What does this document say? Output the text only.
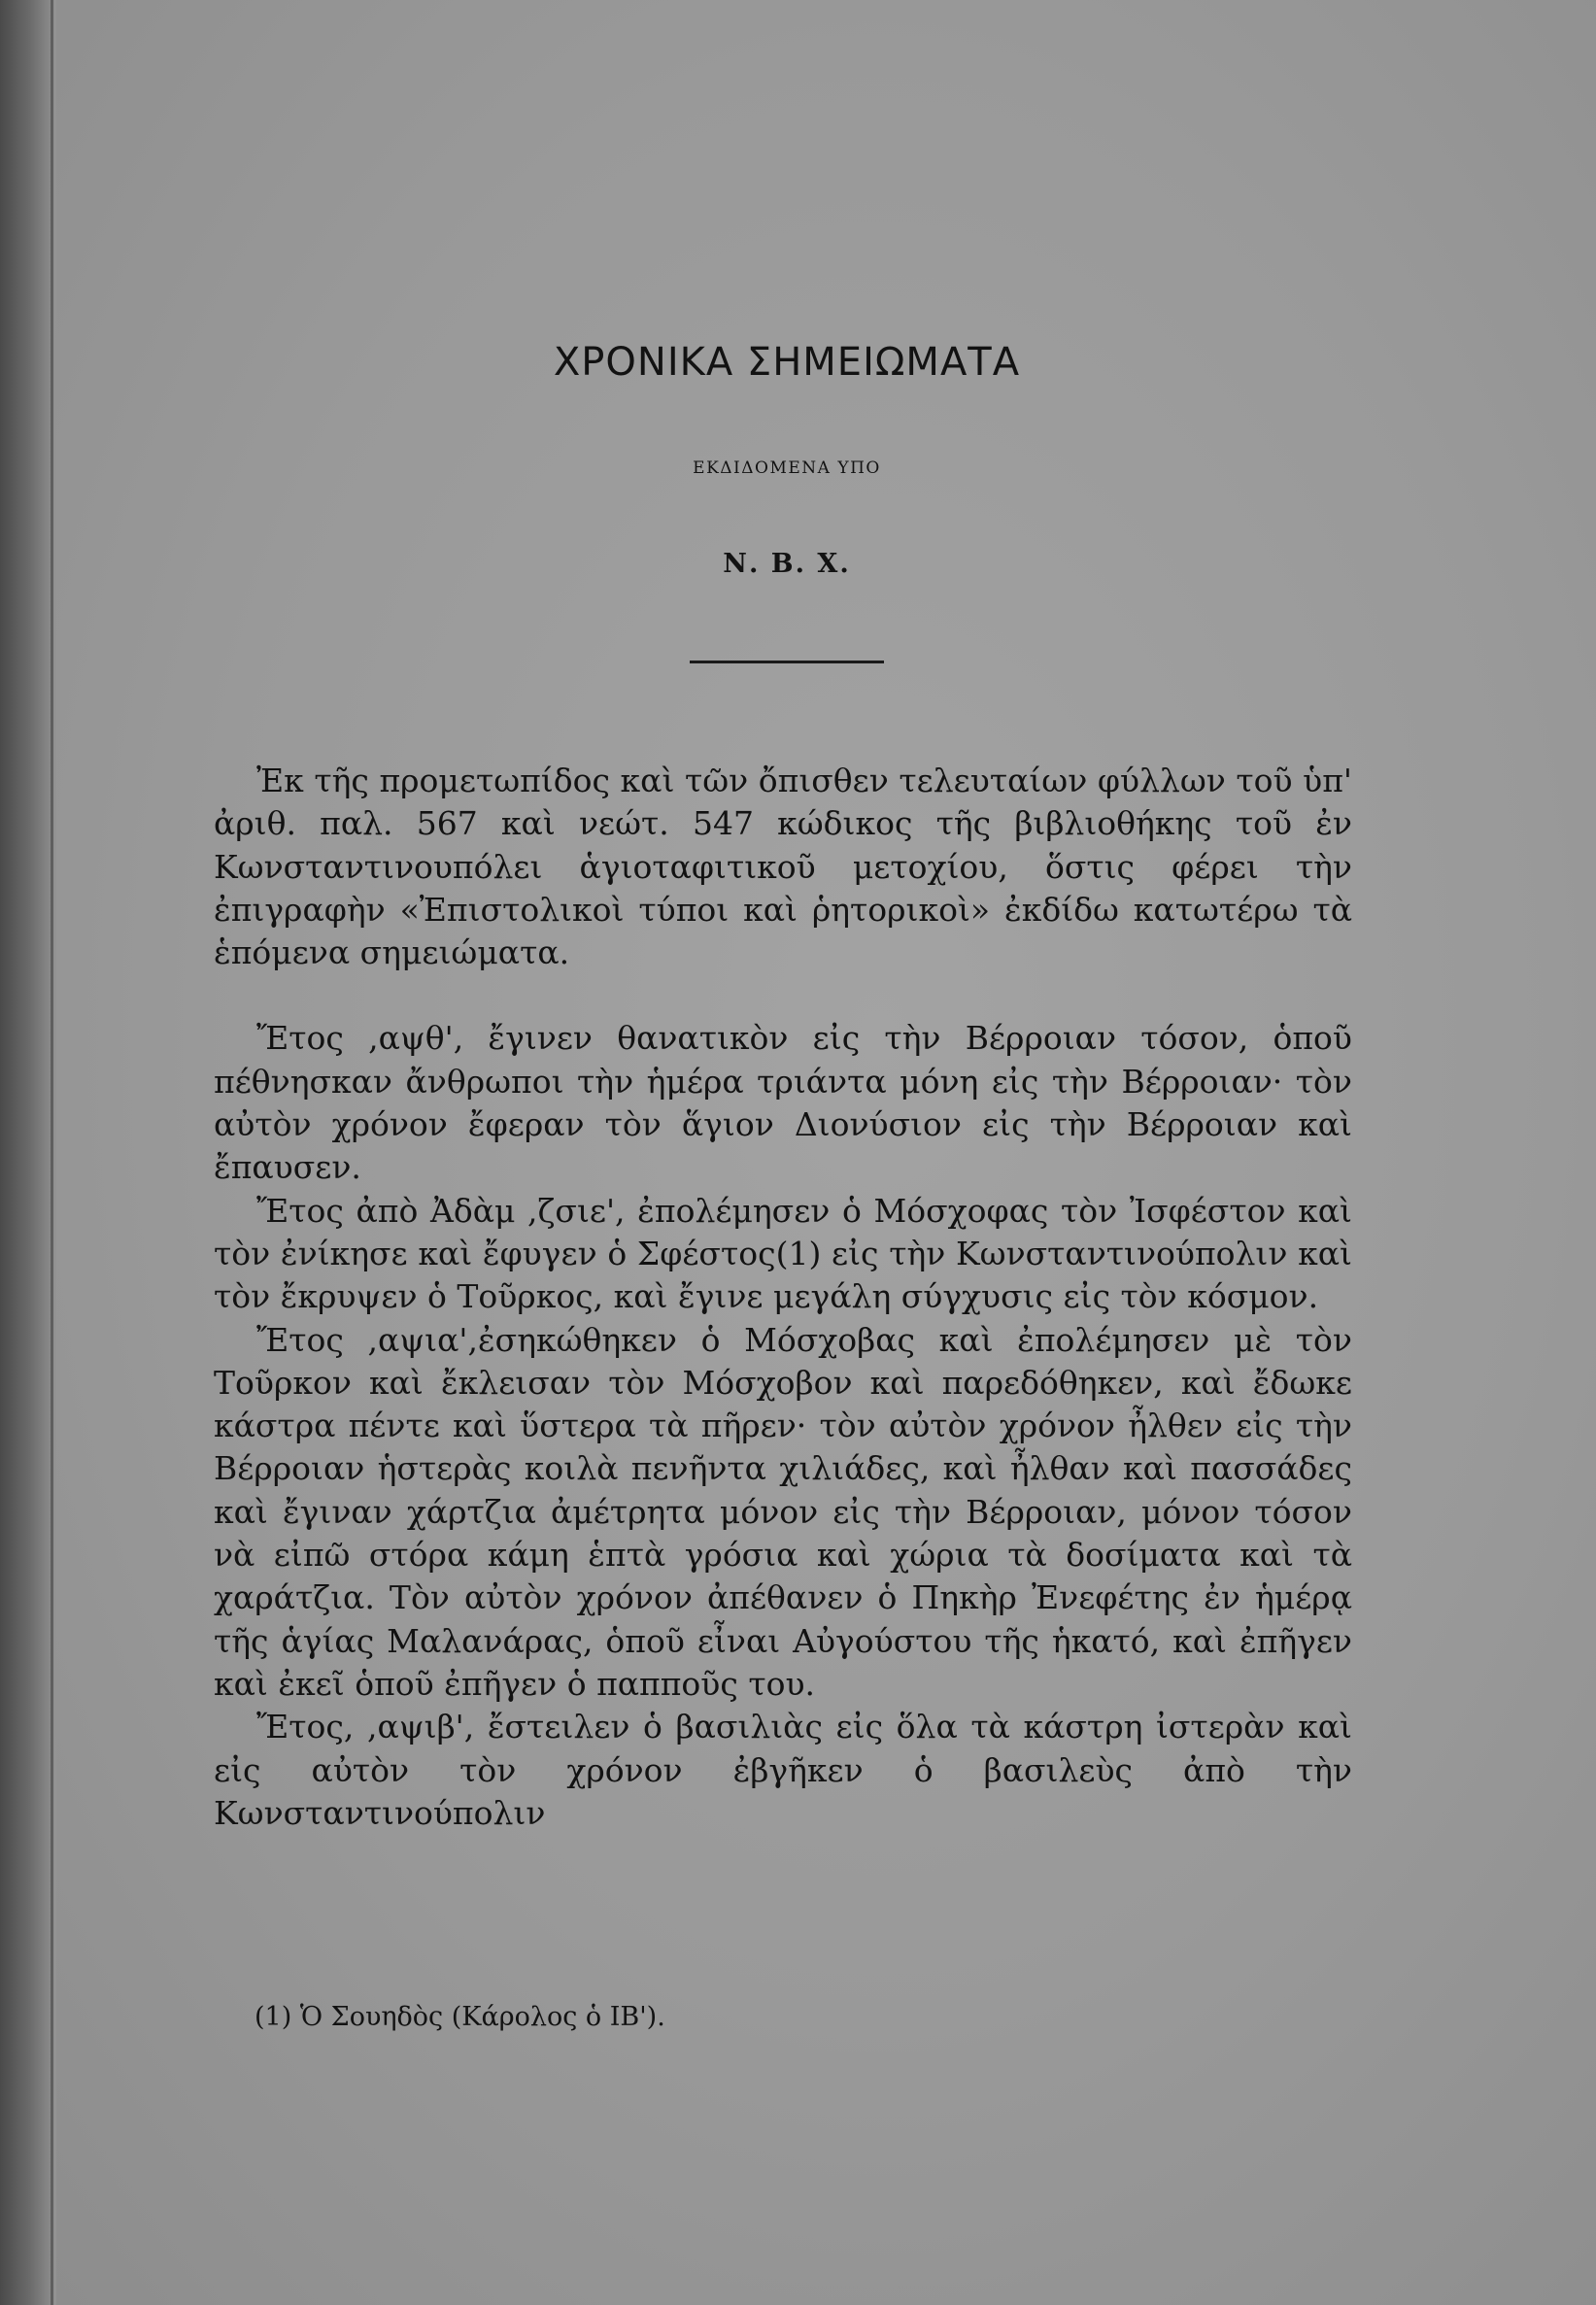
ΧΡΟΝΙΚΑ ΣΗΜΕΙΩΜΑΤΑ
ΕΚΔΙΔΟΜΕΝΑ ΥΠΟ
Ν. Β. Χ.

Ἐκ τῆς προμετωπίδος καὶ τῶν ὄπισθεν τελευταίων φύλλων τοῦ ὑπ' ἀριθ. παλ. 567 καὶ νεώτ. 547 κώδικος τῆς βιβλιοθήκης τοῦ ἐν Κωνσταντινουπόλει ἁγιοταφιτικοῦ μετοχίου, ὅστις φέρει τὴν ἐπιγραφὴν «Ἐπιστολικοὶ τύποι καὶ ῥητορικοὶ» ἐκδίδω κατωτέρω τὰ ἑπόμενα σημειώματα.

Ἔτος ,αψθ', ἔγινεν θανατικὸν εἰς τὴν Βέρροιαν τόσον, ὁποῦ πέθνησκαν ἄνθρωποι τὴν ἡμέρα τριάντα μόνη εἰς τὴν Βέρροιαν· τὸν αὐτὸν χρόνον ἔφεραν τὸν ἅγιον Διονύσιον εἰς τὴν Βέρροιαν καὶ ἔπαυσεν.

Ἔτος ἀπὸ Ἀδὰμ ,ζσιε', ἐπολέμησεν ὁ Μόσχοφας τὸν Ἰσφέστον καὶ τὸν ἐνίκησε καὶ ἔφυγεν ὁ Σφέστος(1) εἰς τὴν Κωνσταντινούπολιν καὶ τὸν ἔκρυψεν ὁ Τοῦρκος, καὶ ἔγινε μεγάλη σύγχυσις εἰς τὸν κόσμον.

Ἔτος ,αψια',ἐσηκώθηκεν ὁ Μόσχοβας καὶ ἐπολέμησεν μὲ τὸν Τοῦρκον καὶ ἔκλεισαν τὸν Μόσχοβον καὶ παρεδόθηκεν, καὶ ἔδωκε κάστρα πέντε καὶ ὕστερα τὰ πῆρεν· τὸν αὐτὸν χρόνον ἦλθεν εἰς τὴν Βέρροιαν ἡστερὰς κοιλὰ πενῆντα χιλιάδες, καὶ ἦλθαν καὶ πασσάδες καὶ ἔγιναν χάρτζια ἀμέτρητα μόνον εἰς τὴν Βέρροιαν, μόνον τόσον νὰ εἰπῶ στόρα κάμη ἑπτὰ γρόσια καὶ χώρια τὰ δοσίματα καὶ τὰ χαράτζια. Τὸν αὐτὸν χρόνον ἀπέθανεν ὁ Πηκὴρ Ἐνεφέτης ἐν ἡμέρᾳ τῆς ἁγίας Μαλανάρας, ὁποῦ εἶναι Αὐγούστου τῆς ἡκατό, καὶ ἐπῆγεν καὶ ἐκεῖ ὁποῦ ἐπῆγεν ὁ παπποῦς του.

Ἔτος, ,αψιβ', ἔστειλεν ὁ βασιλιὰς εἰς ὅλα τὰ κάστρη ἰστερὰν καὶ εἰς αὐτὸν τὸν χρόνον ἐβγῆκεν ὁ βασιλεὺς ἀπὸ τὴν Κωνσταντινούπολιν

(1) Ὁ Σουηδὸς (Κάρολος ὁ ΙΒ').
